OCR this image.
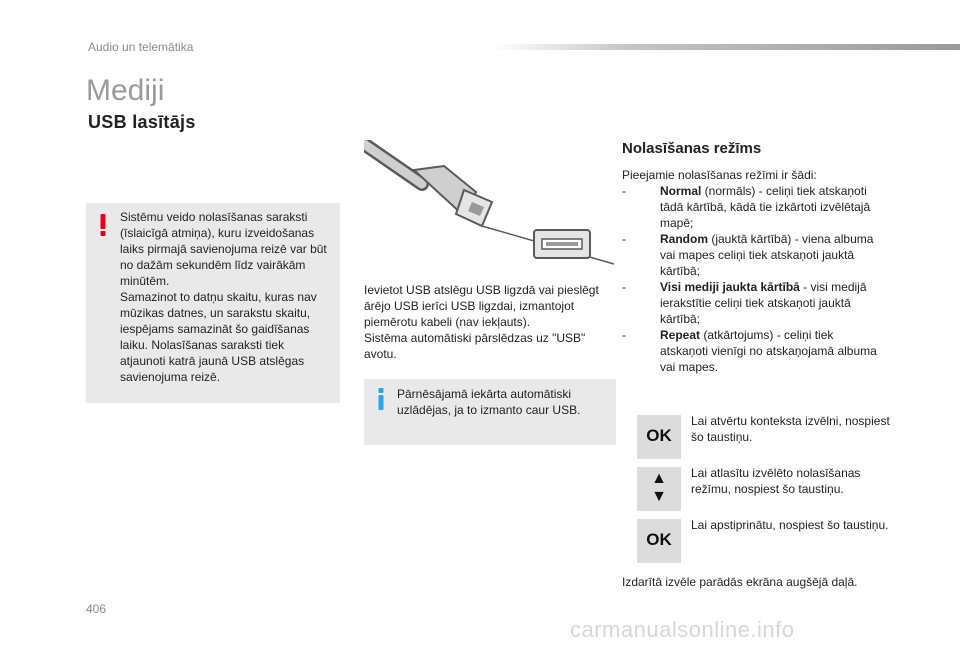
Audio un telemātika
Mediji
USB lasītājs

Sistēmu veido nolasīšanas saraksti (īslaicīgā atmiņa), kuru izveidošanas laiks pirmajā savienojuma reizē var būt no dažām sekundēm līdz vairākām minūtēm.

Samazinot to datņu skaitu, kuras nav mūzikas datnes, un sarakstu skaitu, iespējams samazināt šo gaidīšanas laiku. Nolasīšanas saraksti tiek atjaunoti katrā jaunā USB atslēgas savienojuma reizē.

Ievietot USB atslēgu USB ligzdā vai pieslēgt ārējo USB ierīci USB ligzdai, izmantojot piemērotu kabeli (nav iekļauts).

Sistēma automātiski pārslēdzas uz "USB" avotu.

Pārnēsājamā iekārta automātiski uzlādējas, ja to izmanto caur USB.
Nolasīšanas režīms
Pieejamie nolasīšanas režīmi ir šādi:
-	Normal (normāls) - celiņi tiek atskaņoti tādā kārtībā, kādā tie izkārtoti izvēlētajā mapē;
-	Random (jauktā kārtībā) - viena albuma vai mapes celiņi tiek atskaņoti jauktā kārtībā;
-	Visi mediji jaukta kārtībā - visi medijā ierakstītie celiņi tiek atskaņoti jauktā kārtībā;
-	Repeat (atkārtojums) - celiņi tiek atskaņoti vienīgi no atskaņojamā albuma vai mapes.
OK
Lai atvērtu konteksta izvēlni, nospiest šo taustiņu.
▲
▼
Lai atlasītu izvēlēto nolasīšanas režīmu, nospiest šo taustiņu.
OK
Lai apstiprinātu, nospiest šo taustiņu.
Izdarītā izvēle parādās ekrāna augšējā daļā.
406
carmanualsonline.info
